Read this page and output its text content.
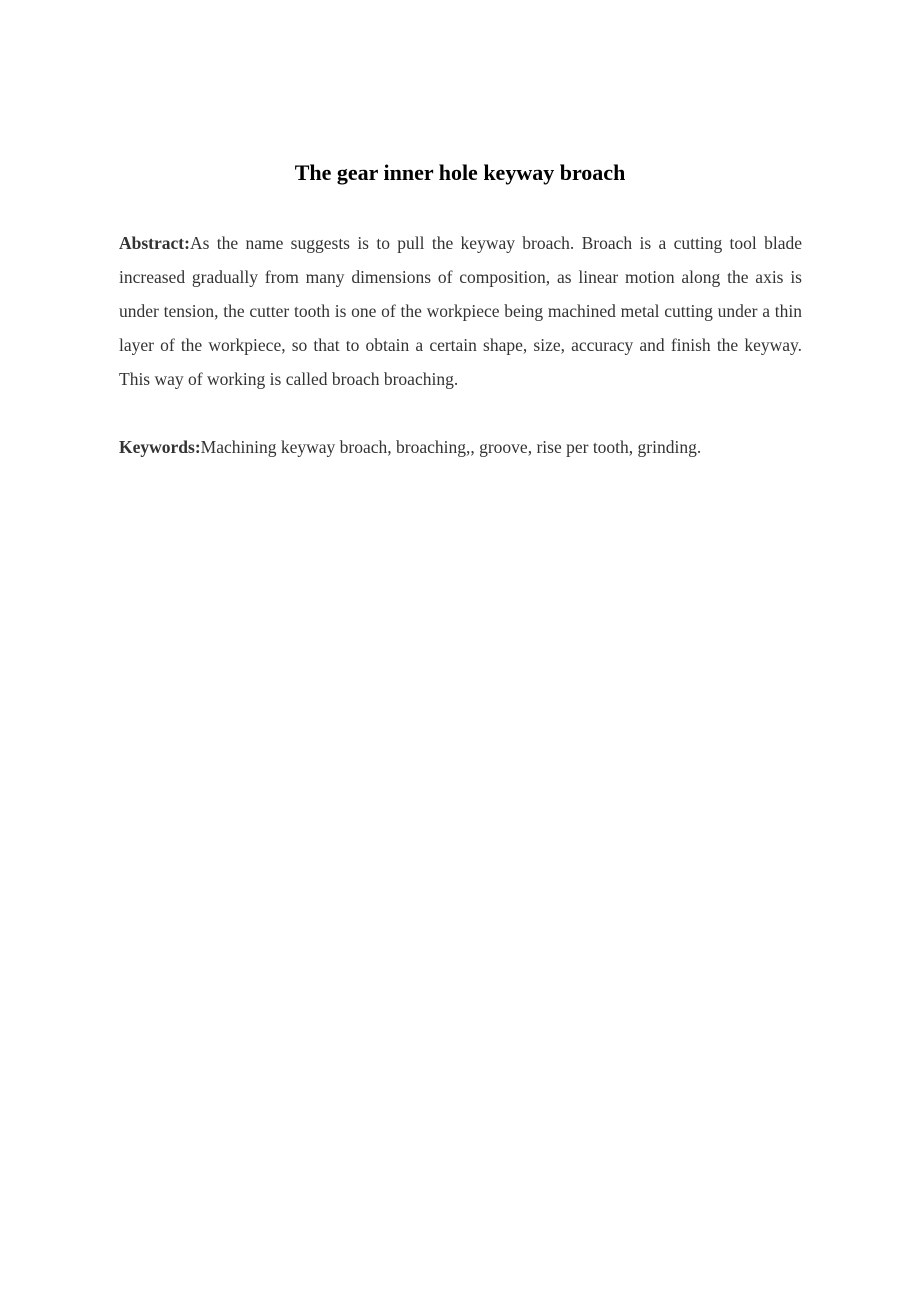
The gear inner hole keyway broach

Abstract:As the name suggests is to pull the keyway broach. Broach is a cutting tool blade increased gradually from many dimensions of composition, as linear motion along the axis is under tension, the cutter tooth is one of the workpiece being machined metal cutting under a thin layer of the workpiece, so that to obtain a certain shape, size, accuracy and finish the keyway. This way of working is called broach broaching.

Keywords:Machining keyway broach, broaching,, groove, rise per tooth, grinding.
